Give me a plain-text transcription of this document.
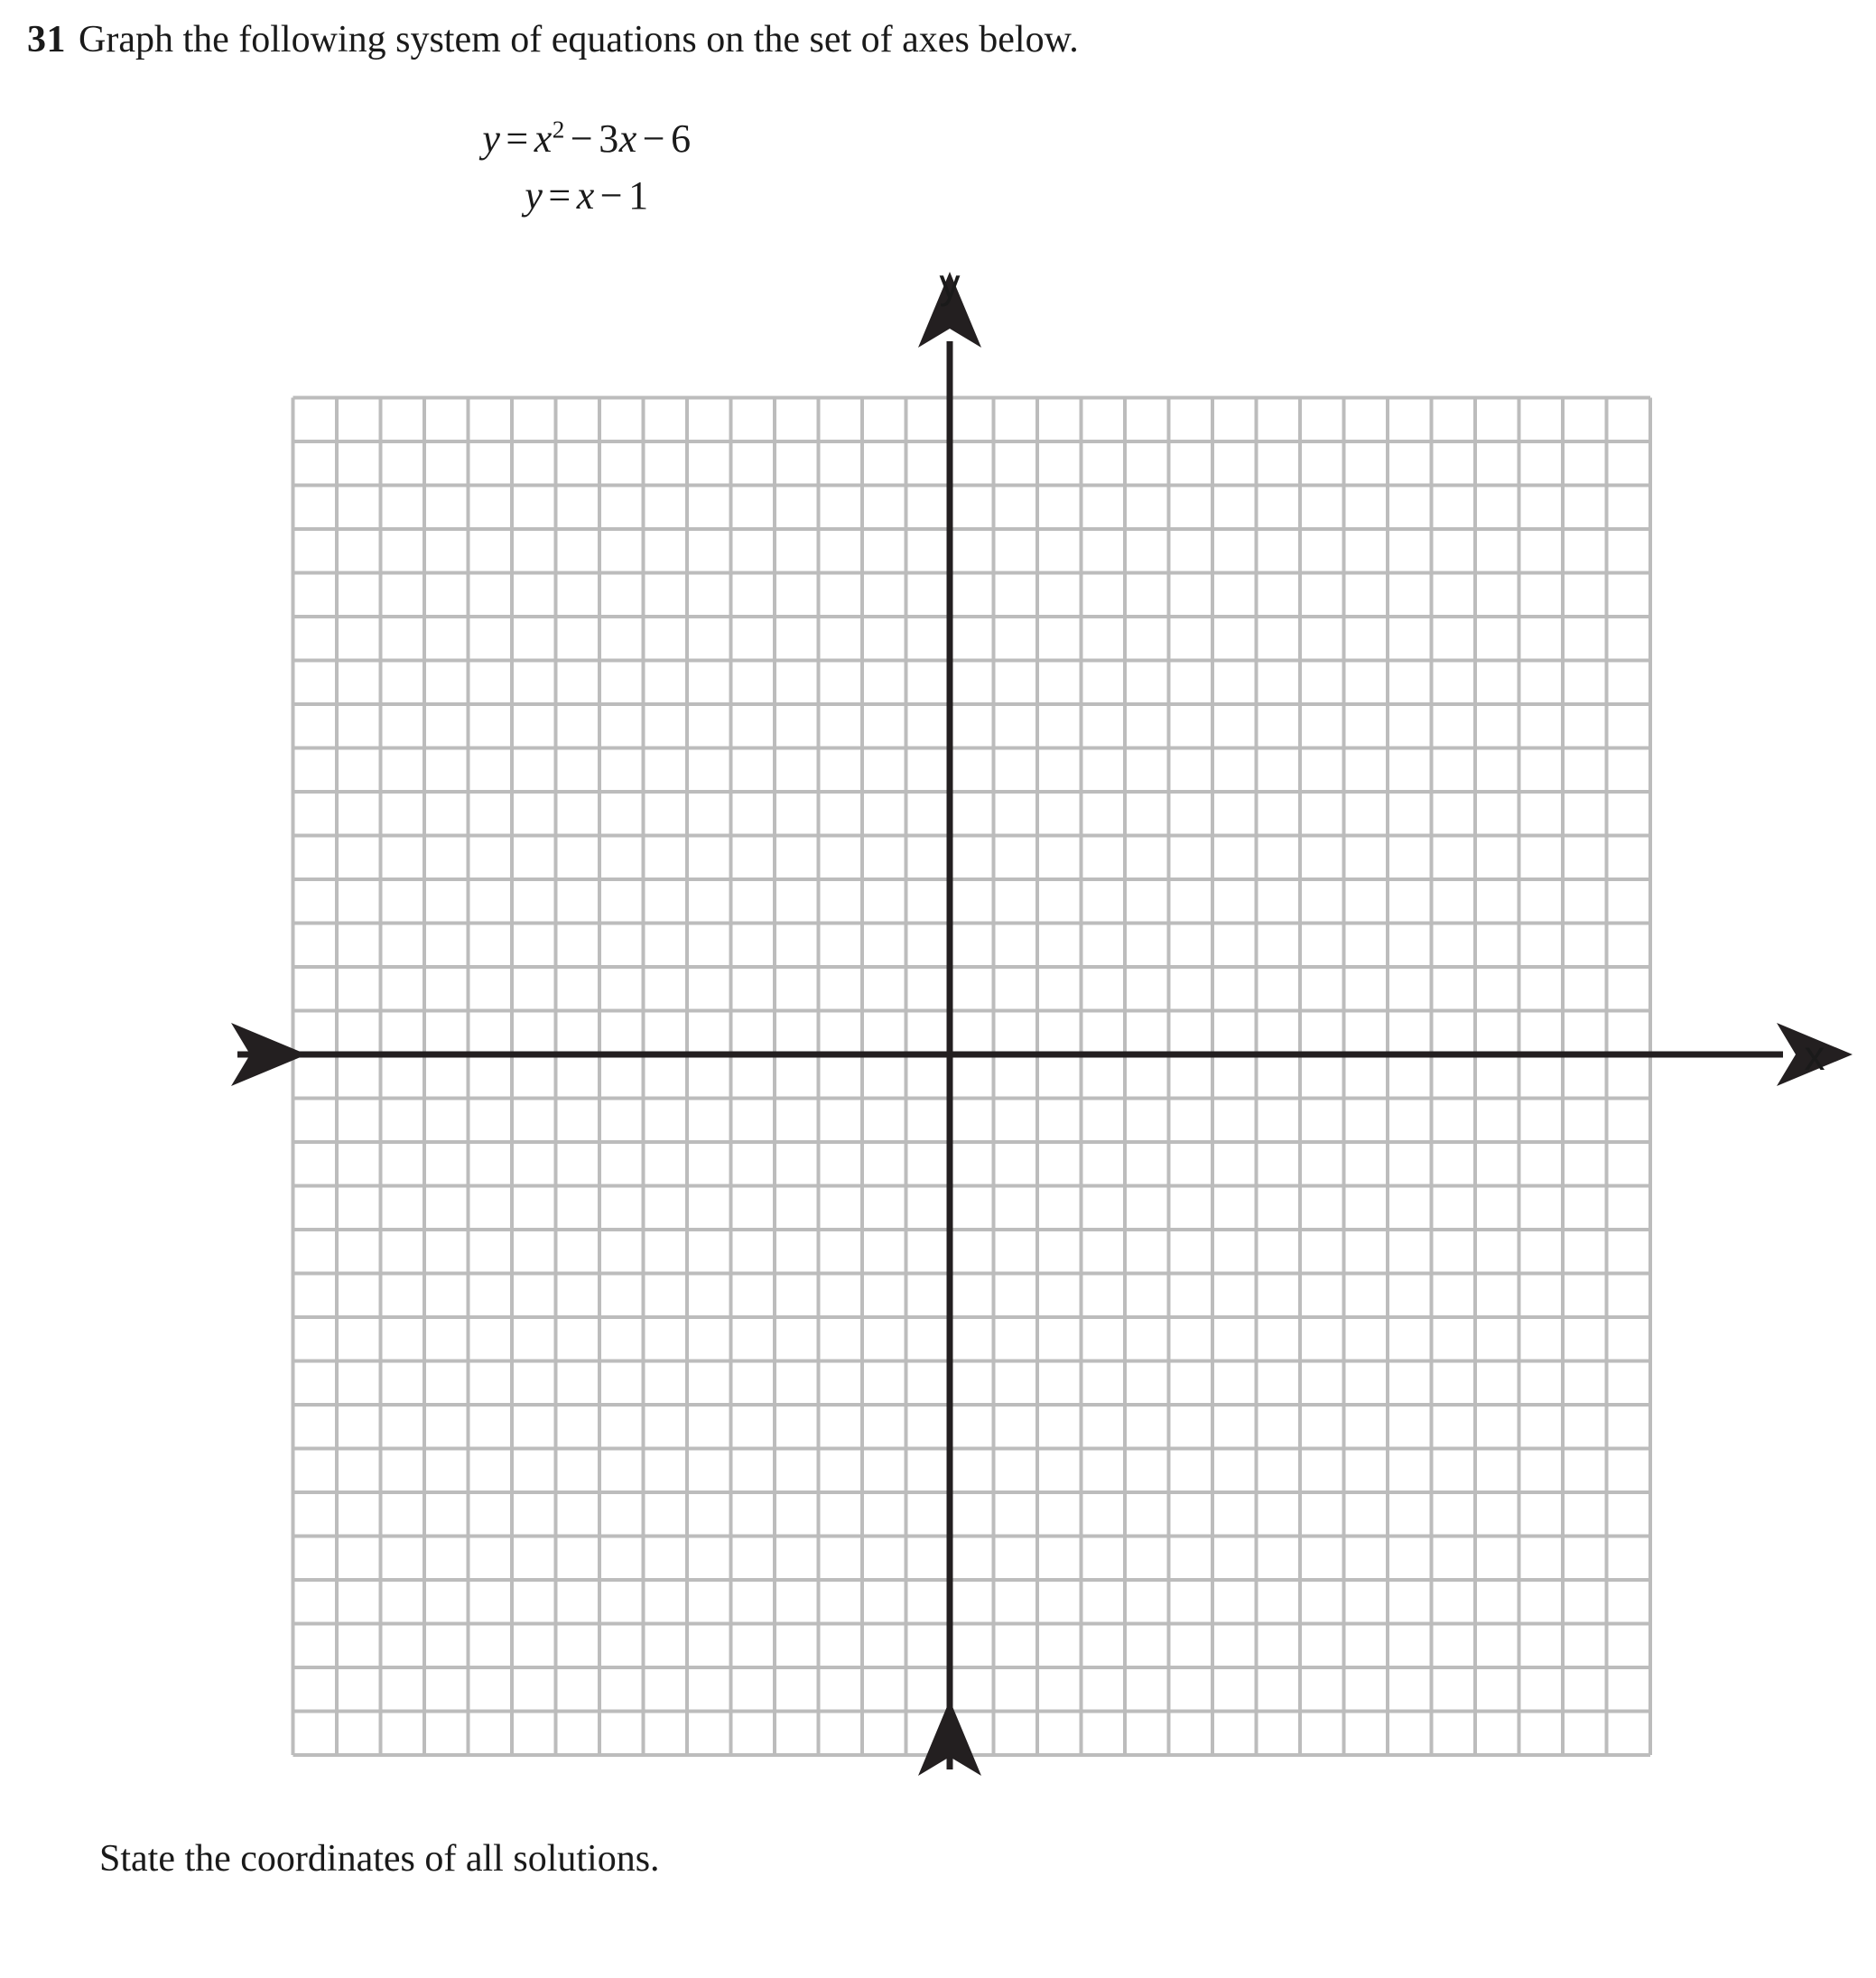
31 Graph the following system of equations on the set of axes below.
$y = x^2 - 3x - 6$
y = x − 1
y
x
State the coordinates of all solutions.
